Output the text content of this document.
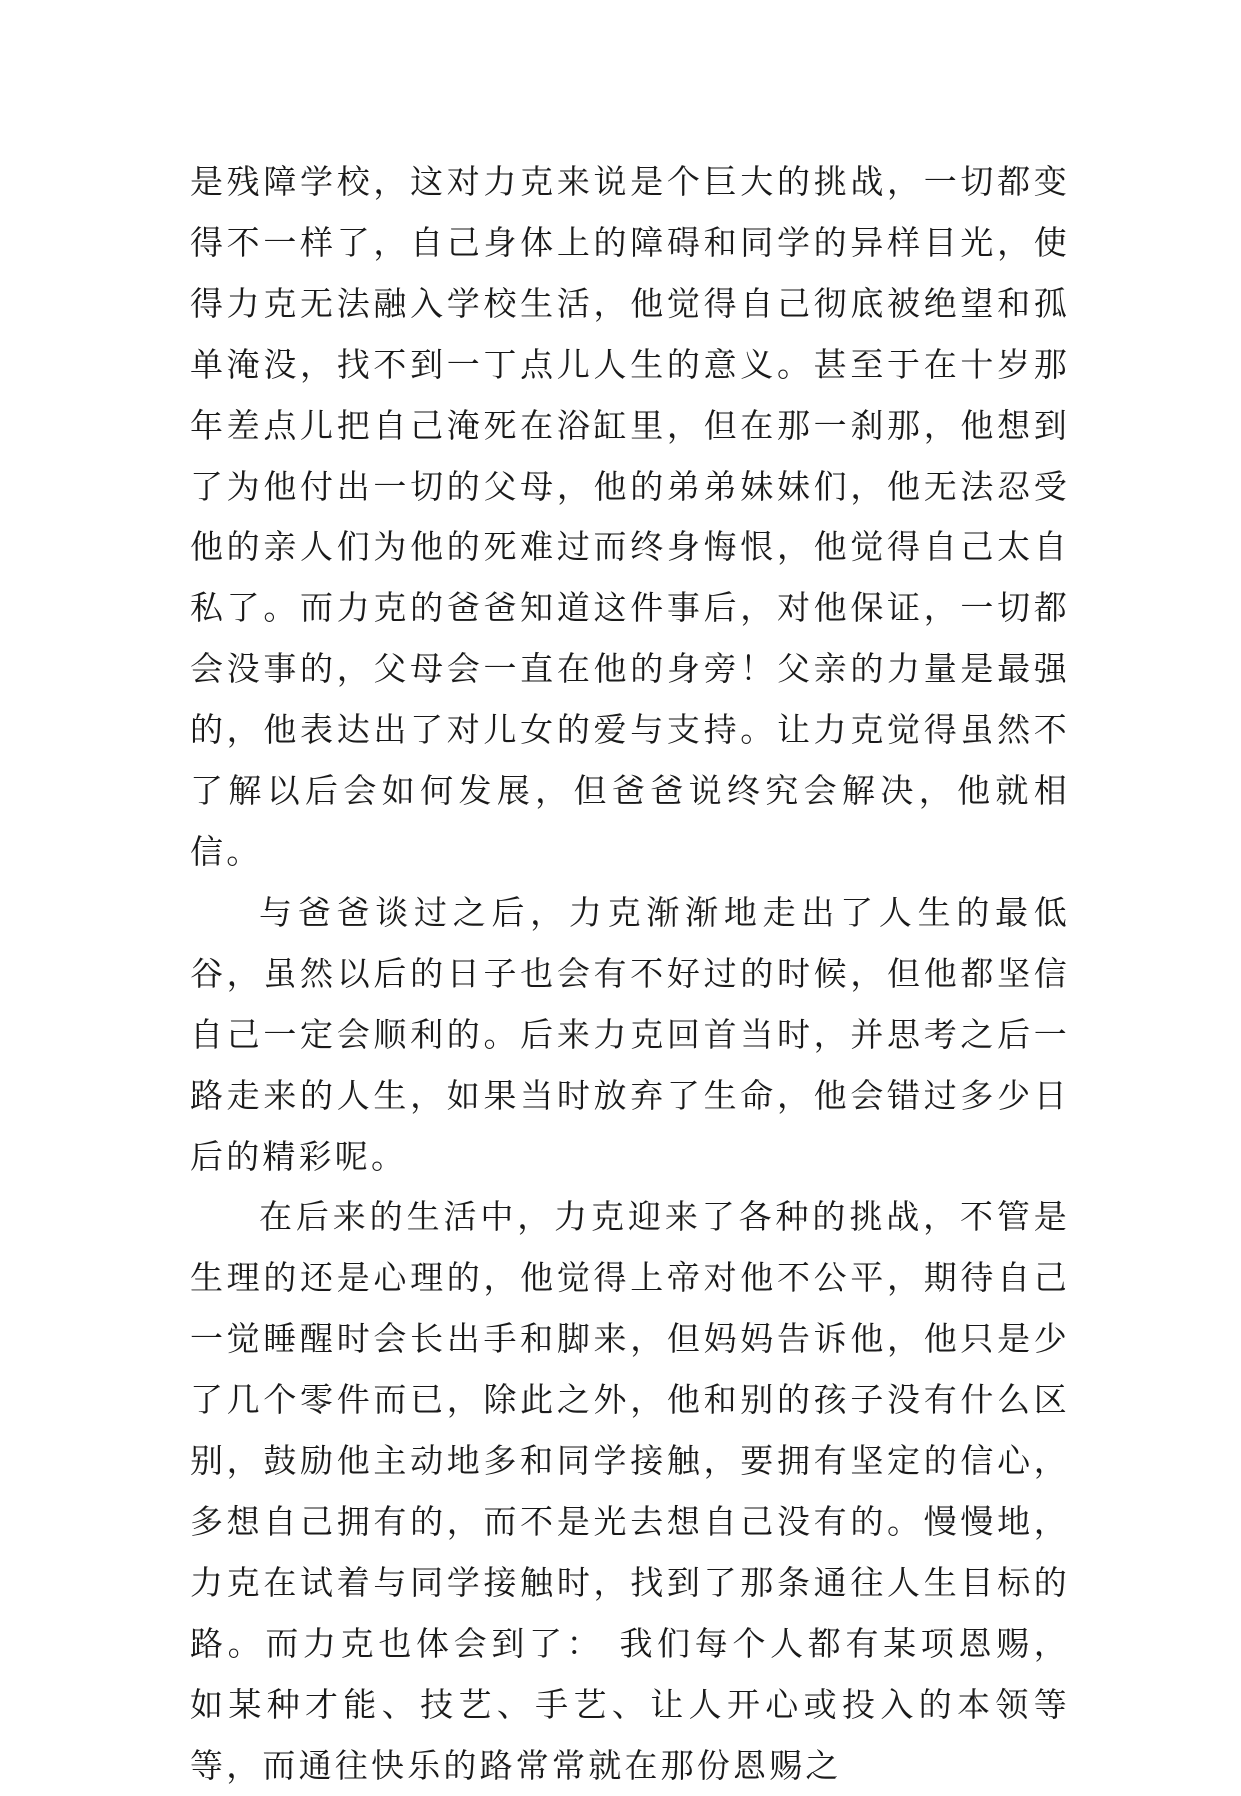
是残障学校，这对力克来说是个巨大的挑战，一切都变得不一样了，自己身体上的障碍和同学的异样目光，使得力克无法融入学校生活，他觉得自己彻底被绝望和孤单淹没，找不到一丁点儿人生的意义。甚至于在十岁那年差点儿把自己淹死在浴缸里，但在那一刹那，他想到了为他付出一切的父母，他的弟弟妹妹们，他无法忍受他的亲人们为他的死难过而终身悔恨，他觉得自己太自私了。而力克的爸爸知道这件事后，对他保证，一切都会没事的，父母会一直在他的身旁！父亲的力量是最强的，他表达出了对儿女的爱与支持。让力克觉得虽然不了解以后会如何发展，但爸爸说终究会解决，他就相信。

与爸爸谈过之后，力克渐渐地走出了人生的最低谷，虽然以后的日子也会有不好过的时候，但他都坚信自己一定会顺利的。后来力克回首当时，并思考之后一路走来的人生，如果当时放弃了生命，他会错过多少日后的精彩呢。

在后来的生活中，力克迎来了各种的挑战，不管是生理的还是心理的，他觉得上帝对他不公平，期待自己一觉睡醒时会长出手和脚来，但妈妈告诉他，他只是少了几个零件而已，除此之外，他和别的孩子没有什么区别，鼓励他主动地多和同学接触，要拥有坚定的信心，多想自己拥有的，而不是光去想自己没有的。慢慢地，力克在试着与同学接触时，找到了那条通往人生目标的路。而力克也体会到了： 我们每个人都有某项恩赐，如某种才能、技艺、手艺、让人开心或投入的本领等等，而通往快乐的路常常就在那份恩赐之
